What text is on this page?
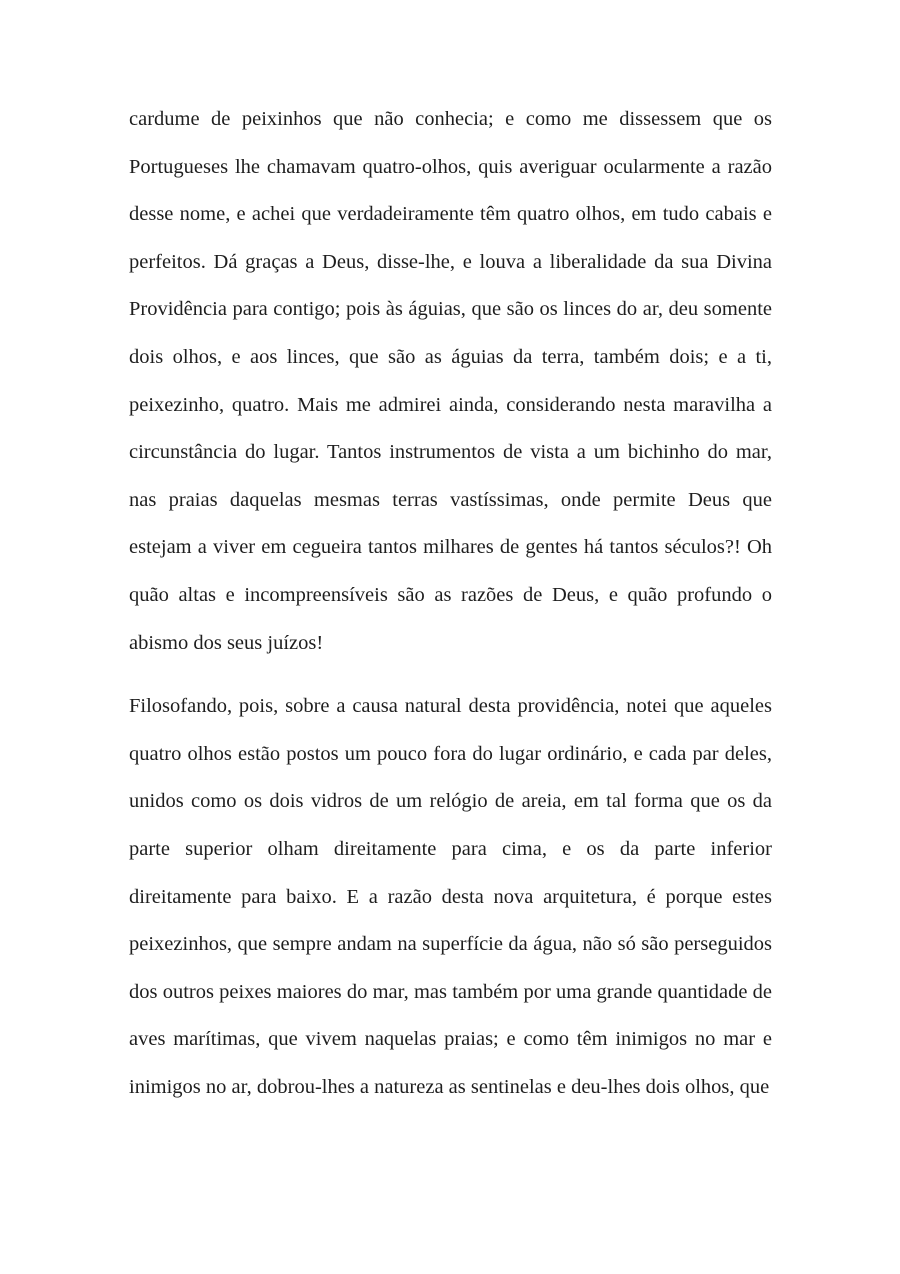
cardume de peixinhos que não conhecia; e como me dissessem que os Portugueses lhe chamavam quatro-olhos, quis averiguar ocularmente a razão desse nome, e achei que verdadeiramente têm quatro olhos, em tudo cabais e perfeitos. Dá graças a Deus, disse-lhe, e louva a liberalidade da sua Divina Providência para contigo; pois às águias, que são os linces do ar, deu somente dois olhos, e aos linces, que são as águias da terra, também dois; e a ti, peixezinho, quatro. Mais me admirei ainda, considerando nesta maravilha a circunstância do lugar. Tantos instrumentos de vista a um bichinho do mar, nas praias daquelas mesmas terras vastíssimas, onde permite Deus que estejam a viver em cegueira tantos milhares de gentes há tantos séculos?! Oh quão altas e incompreensíveis são as razões de Deus, e quão profundo o abismo dos seus juízos!

Filosofando, pois, sobre a causa natural desta providência, notei que aqueles quatro olhos estão postos um pouco fora do lugar ordinário, e cada par deles, unidos como os dois vidros de um relógio de areia, em tal forma que os da parte superior olham direitamente para cima, e os da parte inferior direitamente para baixo. E a razão desta nova arquitetura, é porque estes peixezinhos, que sempre andam na superfície da água, não só são perseguidos dos outros peixes maiores do mar, mas também por uma grande quantidade de aves marítimas, que vivem naquelas praias; e como têm inimigos no mar e inimigos no ar, dobrou-lhes a natureza as sentinelas e deu-lhes dois olhos, que
